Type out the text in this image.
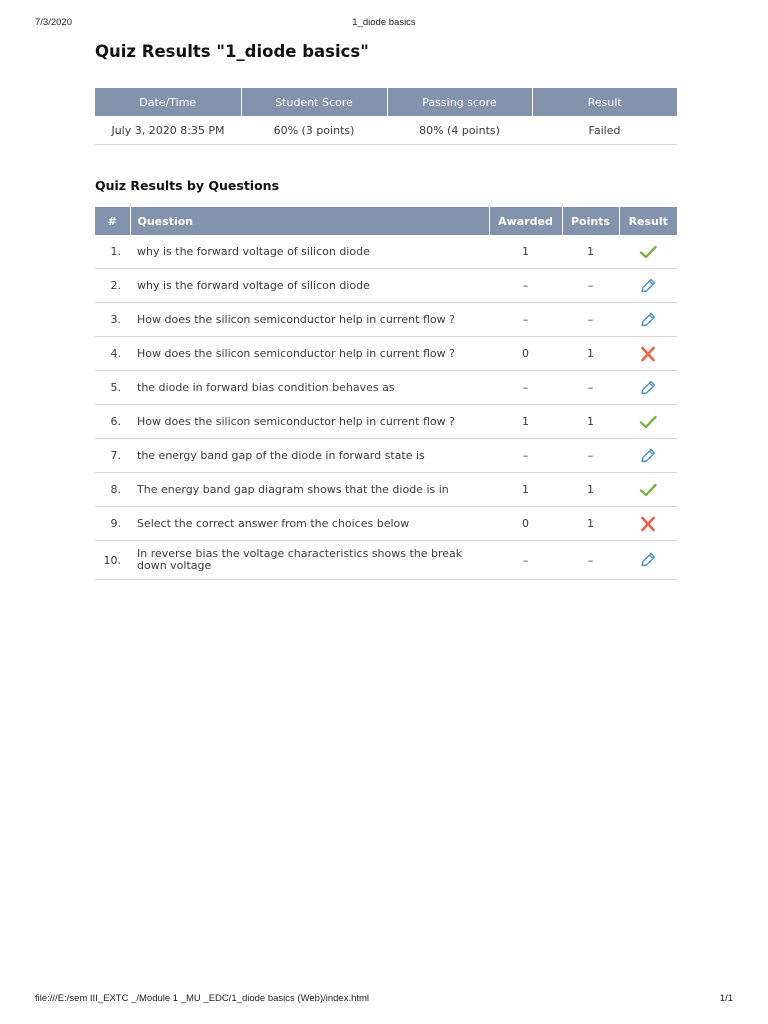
7/3/2020	1_diode basics
Quiz Results "1_diode basics"
Date/Time	Student Score	Passing score	Result
July 3, 2020 8:35 PM	60% (3 points)	80% (4 points)	Failed
Quiz Results by Questions
#	Question	Awarded	Points	Result
1.	why is the forward voltage of silicon diode	1	1	

2.	why is the forward voltage of silicon diode	–	–	

3.	How does the silicon semiconductor help in current flow ?	–	–	

4.	How does the silicon semiconductor help in current flow ?	0	1	

5.	the diode in forward bias condition behaves as	–	–	

6.	How does the silicon semiconductor help in current flow ?	1	1	

7.	the energy band gap of the diode in forward state is	–	–	

8.	The energy band gap diagram shows that the diode is in	1	1	

9.	Select the correct answer from the choices below	0	1	

10.	In reverse bias the voltage characteristics shows the break down voltage	–	–	
file:///E:/sem III_EXTC _/Module 1 _MU _EDC/1_diode basics (Web)/index.html	1/1
